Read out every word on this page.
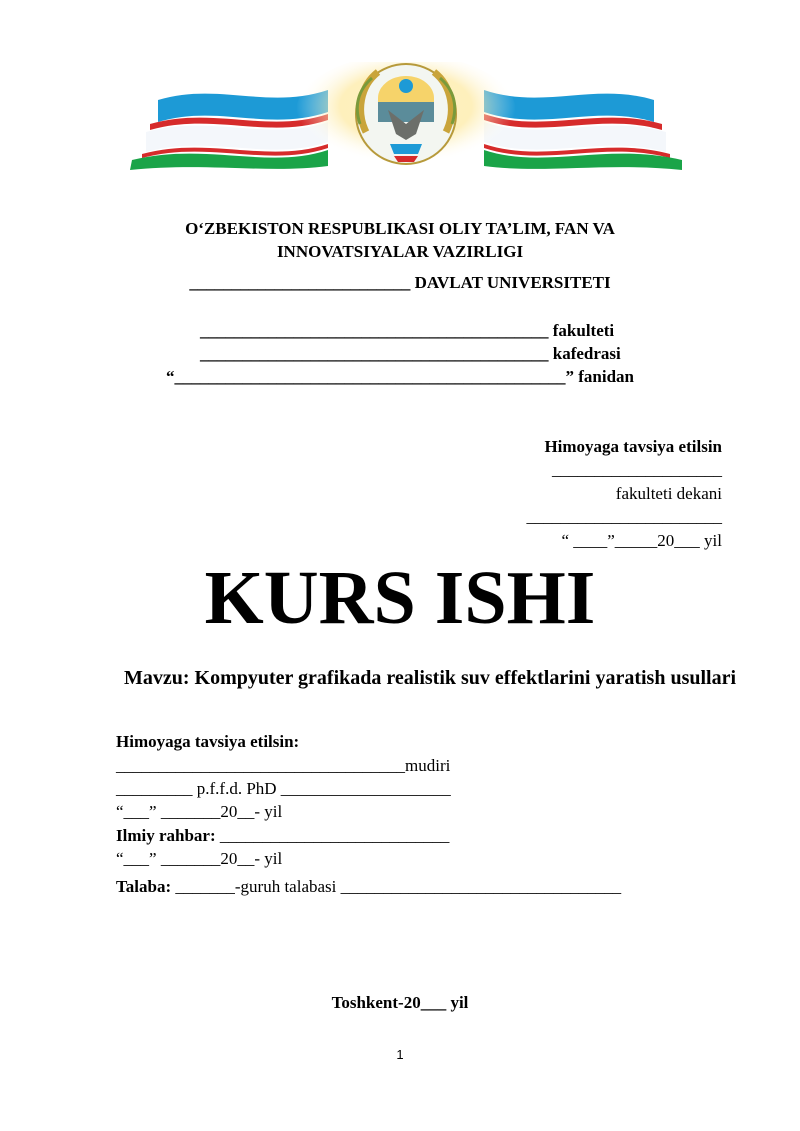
O‘ZBEKISTON RESPUBLIKASI OLIY TA’LIM, FAN VA
INNOVATSIYALAR VAZIRLIGI
__________________________ DAVLAT UNIVERSITETI
_________________________________________ fakulteti
_________________________________________ kafedrasi
“______________________________________________” fanidan
Himoyaga tavsiya etilsin
____________________
fakulteti dekani
_______________________
“ ____”_____20___ yil
KURS ISHI
Mavzu: Kompyuter grafikada realistik suv effektlarini yaratish usullari
Himoyaga tavsiya etilsin:
__________________________________mudiri
_________ p.f.f.d. PhD ____________________
“___” _______20__- yil
Ilmiy rahbar: ___________________________
“___” _______20__- yil
Talaba: _______-guruh talabasi _________________________________
Toshkent-20___ yil
1
